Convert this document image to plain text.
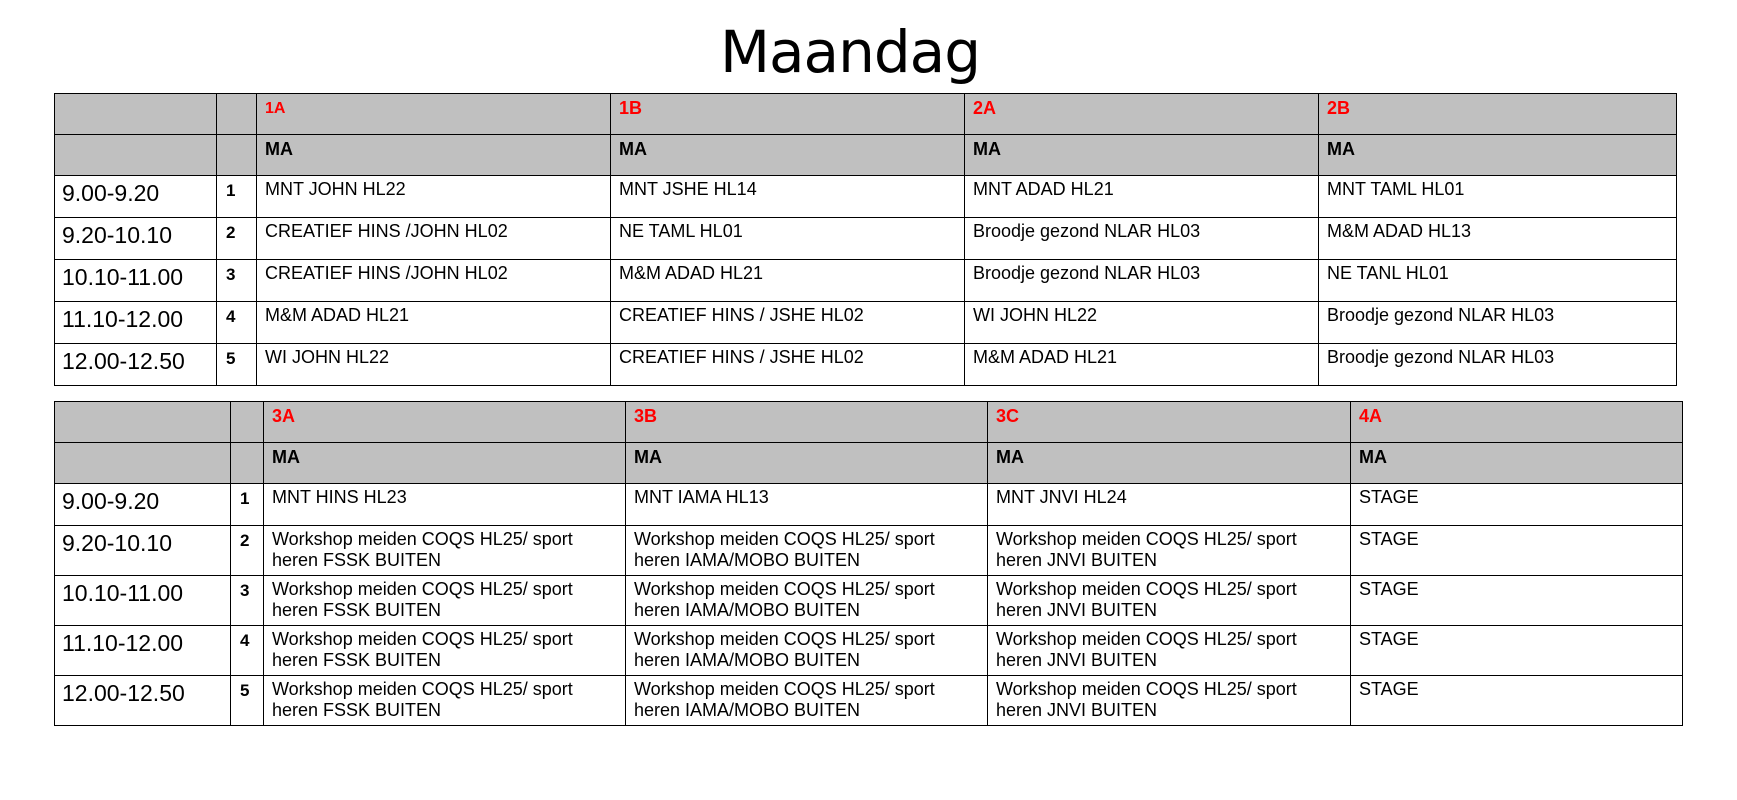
Maandag
		1A	1B	2A	2B
		MA	MA	MA	MA
9.00-9.20	1	MNT JOHN HL22	MNT JSHE HL14	MNT ADAD HL21	MNT TAML HL01
9.20-10.10	2	CREATIEF HINS /JOHN HL02	NE TAML HL01	Broodje gezond NLAR HL03	M&M ADAD HL13
10.10-11.00	3	CREATIEF HINS /JOHN HL02	M&M ADAD HL21	Broodje gezond NLAR HL03	NE TANL HL01
11.10-12.00	4	M&M ADAD HL21	CREATIEF HINS / JSHE HL02	WI JOHN HL22	Broodje gezond NLAR HL03
12.00-12.50	5	WI JOHN HL22	CREATIEF HINS / JSHE HL02	M&M ADAD HL21	Broodje gezond NLAR HL03
		3A	3B	3C	4A
		MA	MA	MA	MA
9.00-9.20	1	MNT HINS HL23	MNT IAMA HL13	MNT JNVI HL24	STAGE
9.20-10.10	2	Workshop meiden COQS HL25/ sport heren FSSK BUITEN	Workshop meiden COQS HL25/ sport heren IAMA/MOBO BUITEN	Workshop meiden COQS HL25/ sport heren JNVI BUITEN	STAGE
10.10-11.00	3	Workshop meiden COQS HL25/ sport heren FSSK BUITEN	Workshop meiden COQS HL25/ sport heren IAMA/MOBO BUITEN	Workshop meiden COQS HL25/ sport heren JNVI BUITEN	STAGE
11.10-12.00	4	Workshop meiden COQS HL25/ sport heren FSSK BUITEN	Workshop meiden COQS HL25/ sport heren IAMA/MOBO BUITEN	Workshop meiden COQS HL25/ sport heren JNVI BUITEN	STAGE
12.00-12.50	5	Workshop meiden COQS HL25/ sport heren FSSK BUITEN	Workshop meiden COQS HL25/ sport heren IAMA/MOBO BUITEN	Workshop meiden COQS HL25/ sport heren JNVI BUITEN	STAGE
